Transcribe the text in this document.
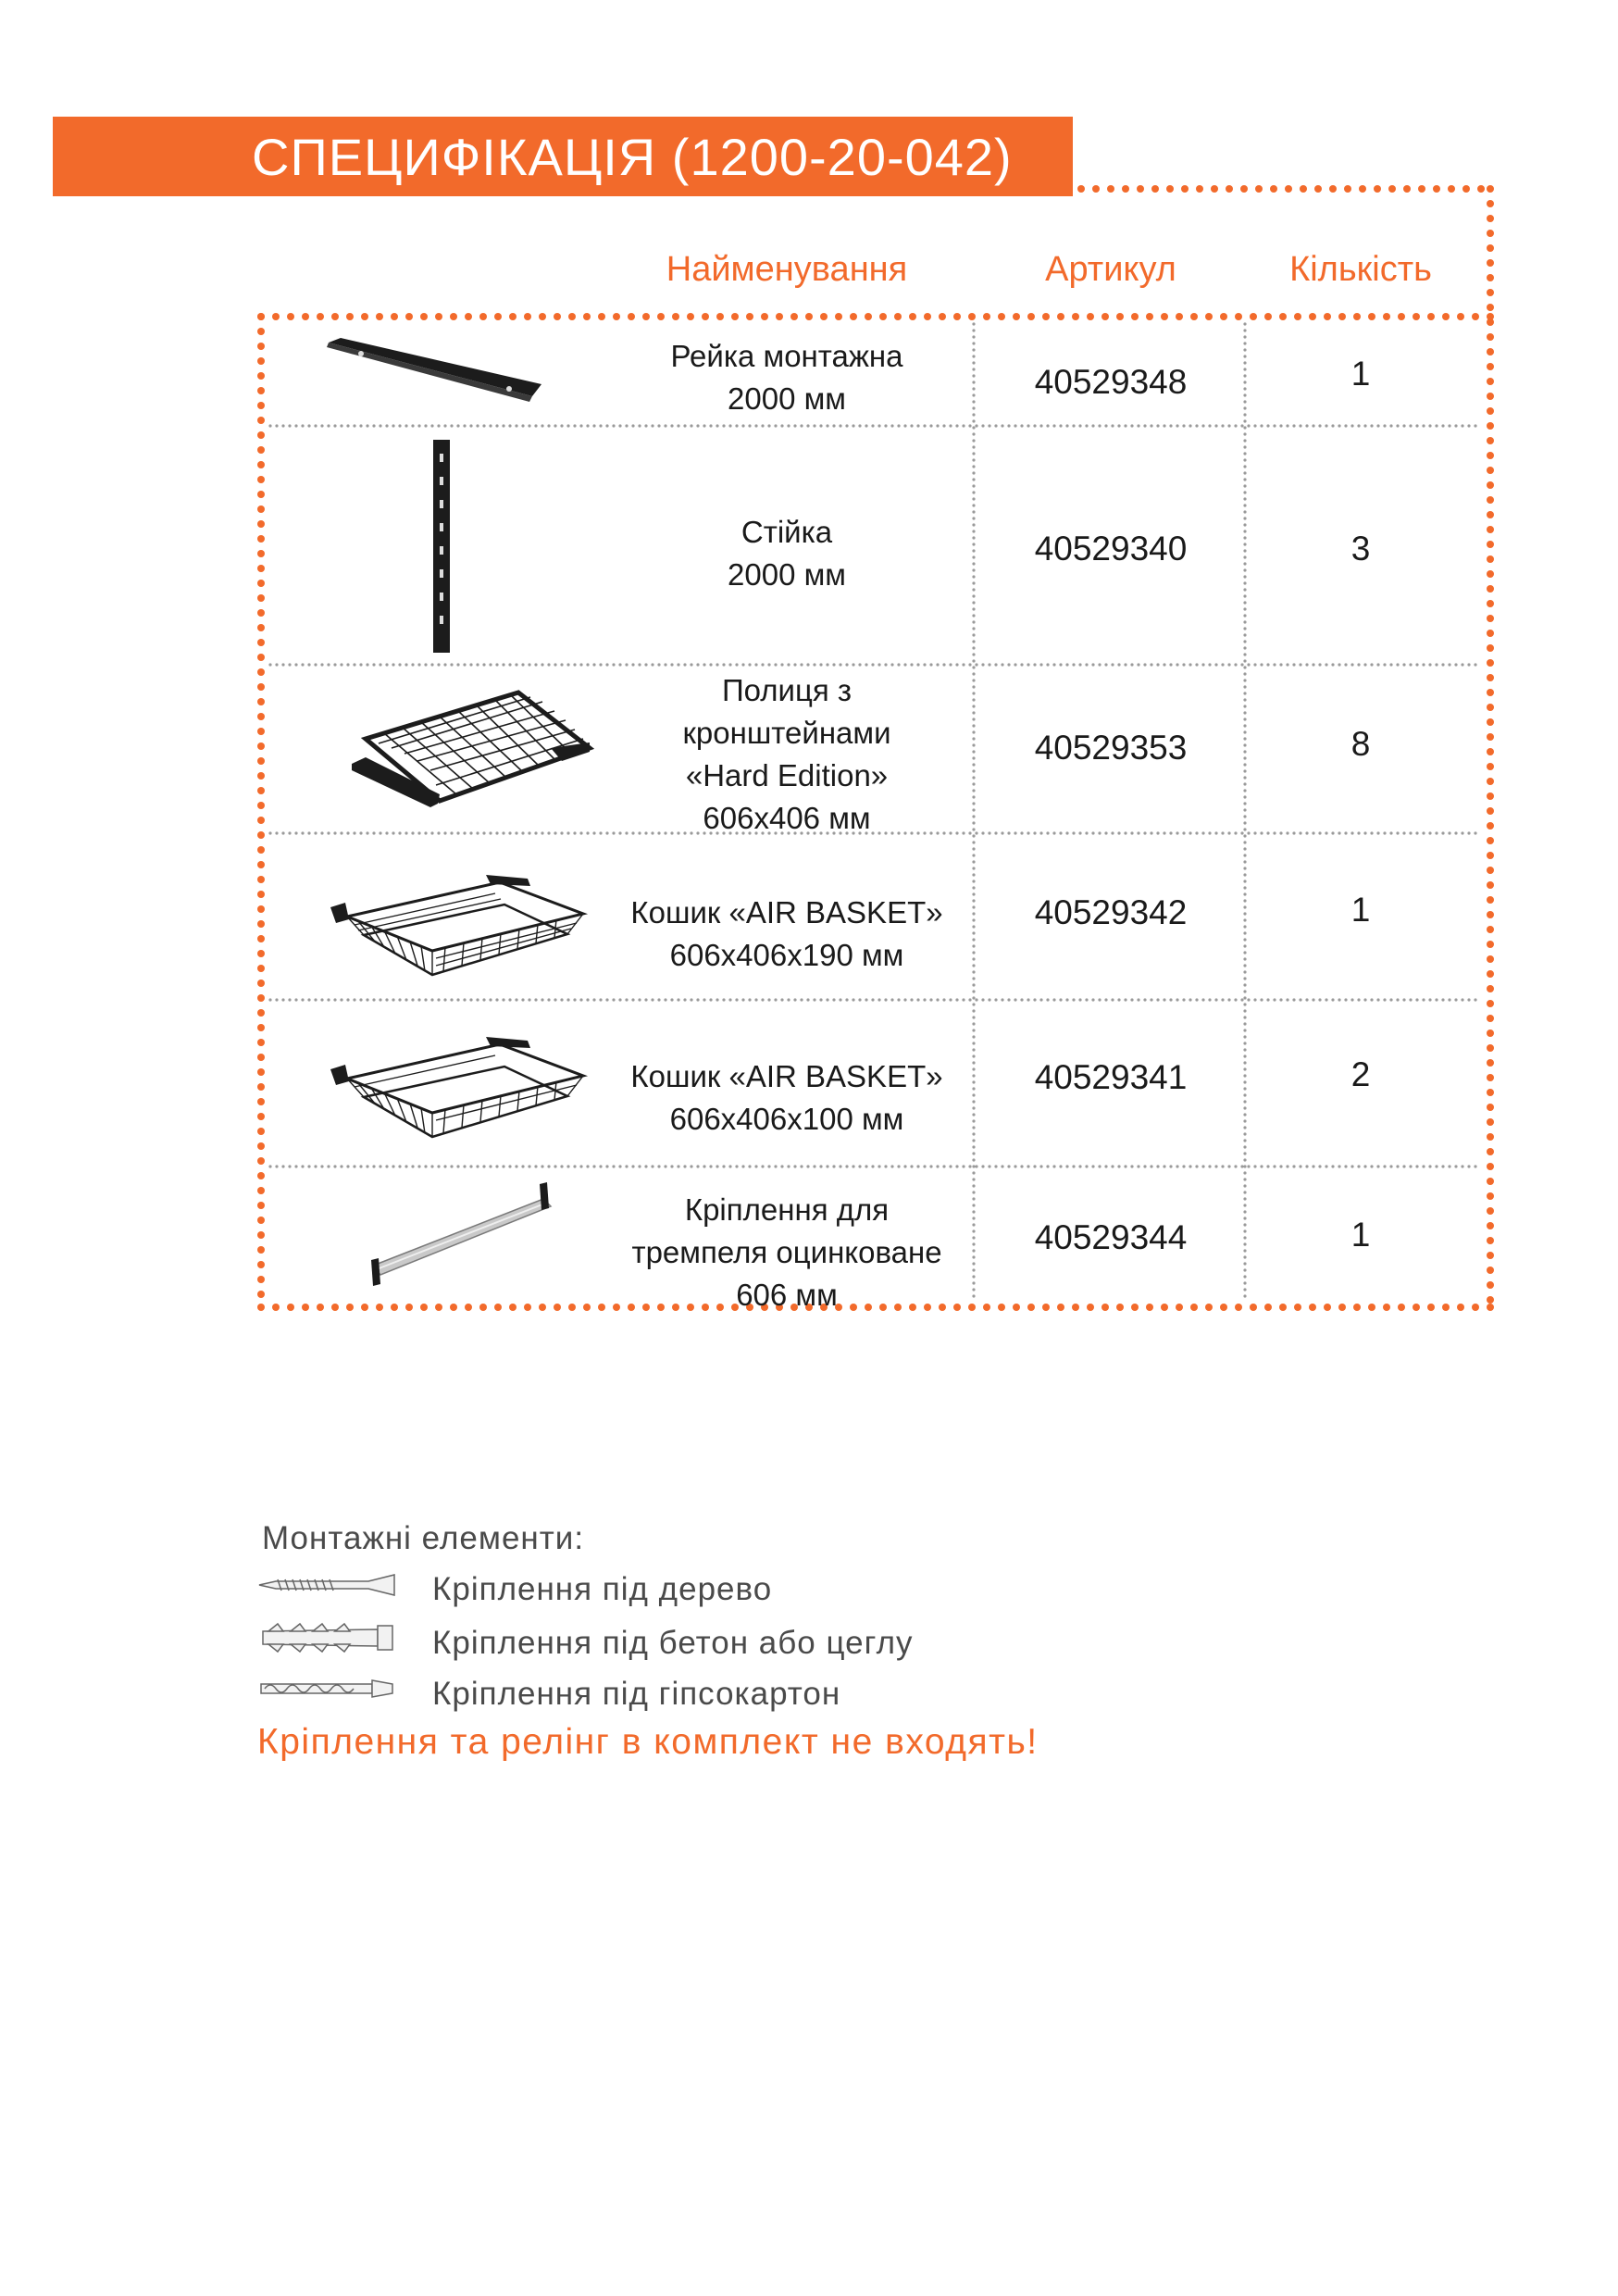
СПЕЦИФІКАЦІЯ (1200-20-042)
Найменування	Артикул	Кількість
Рейка монтажна
2000 мм	40529348	1
Стійка
2000 мм
40529340	3
Полиця з
кронштейнами
«Hard Edition»
606x406 мм
40529353	8
Кошик «AIR BASKET»
606x406x190 мм
40529342	1
Кошик «AIR BASKET»
606x406x100 мм
40529341	2
Кріплення для
тремпеля оцинковане
606 мм
40529344	1
Монтажні елементи:
Кріплення під дерево
Кріплення під бетон або цеглу
Кріплення під гіпсокартон
Кріплення та релінг в комплект не входять!
